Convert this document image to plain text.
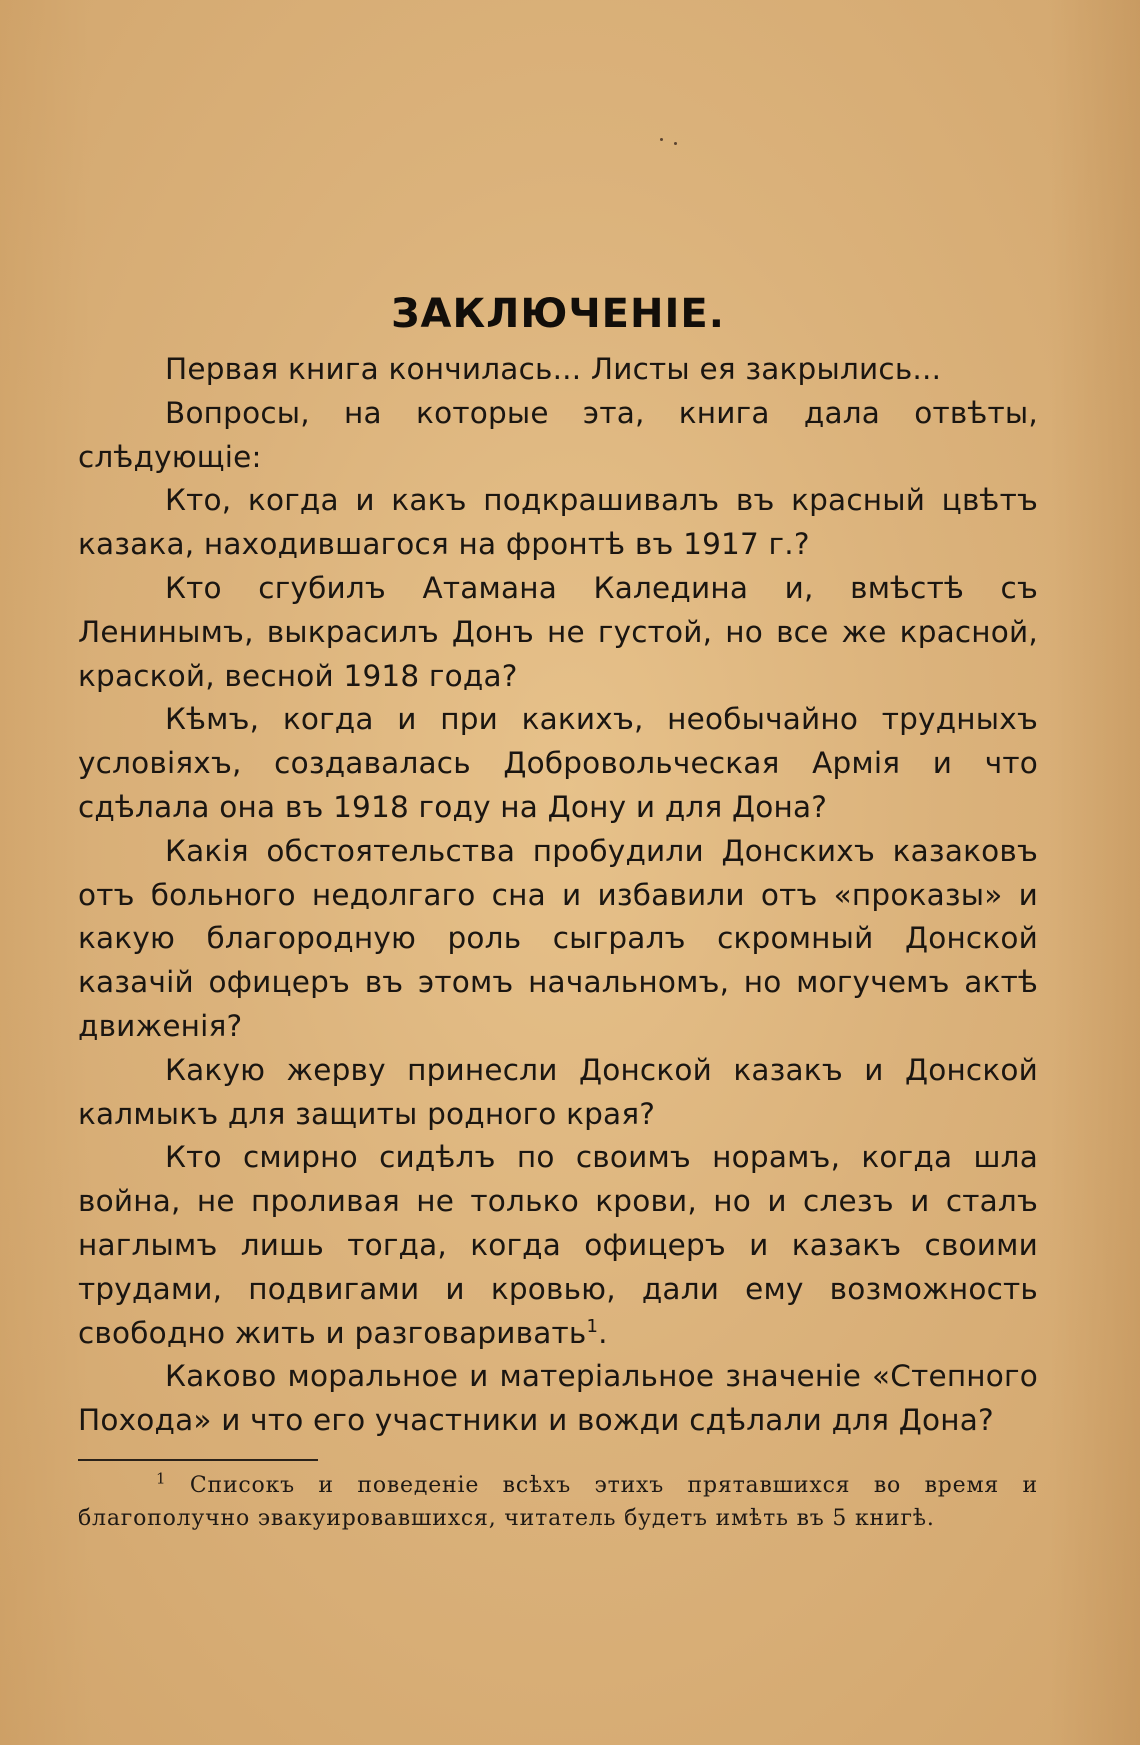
ЗАКЛЮЧЕНІЕ.

Первая книга кончилась... Листы ея закрылись...

Вопросы, на которые эта, книга дала отвѣты, слѣдующіе:

Кто, когда и какъ подкрашивалъ въ красный цвѣтъ казака, находившагося на фронтѣ въ 1917 г.?

Кто сгубилъ Атамана Каледина и, вмѣстѣ съ Ленинымъ, выкрасилъ Донъ не густой, но все же красной, краской, весной 1918 года?

Кѣмъ, когда и при какихъ, необычайно трудныхъ условіяхъ, создавалась Добровольческая Армія и что сдѣлала она въ 1918 году на Дону и для Дона?

Какія обстоятельства пробудили Донскихъ казаковъ отъ больного недолгаго сна и избавили отъ «проказы» и какую благородную роль сыгралъ скромный Донской казачій офицеръ въ этомъ начальномъ, но могучемъ актѣ движенія?

Какую жерву принесли Донской казакъ и Донской калмыкъ для защиты родного края?

Кто смирно сидѣлъ по своимъ норамъ, когда шла война, не проливая не только крови, но и слезъ и сталъ наглымъ лишь тогда, когда офицеръ и казакъ своими трудами, подвигами и кровью, дали ему возможность свободно жить и разговаривать$^1$.

Каково моральное и матеріальное значеніе «Степного Похода» и что его участники и вожди сдѣлали для Дона?

$^1$ Списокъ и поведеніе всѣхъ этихъ прятавшихся во время и благополучно эвакуировавшихся, читатель будетъ имѣть въ 5 книгѣ.
